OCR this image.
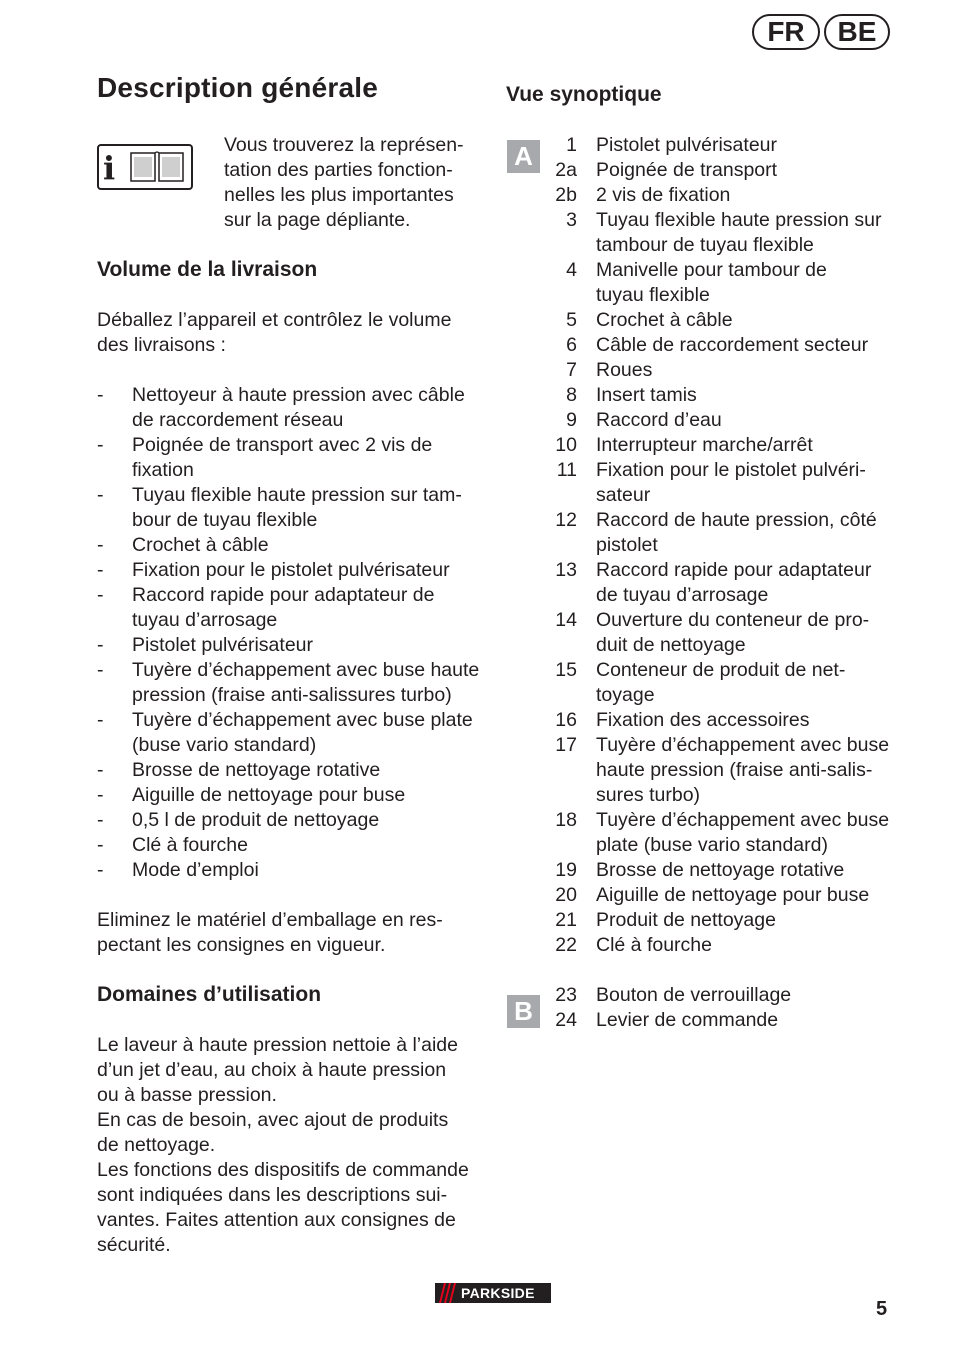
FR	BE
Description générale
i
Vous trouverez la représen-
tation des parties fonction-
nelles les plus importantes
sur la page dépliante.
Volume de la livraison
Déballez l’appareil et contrôlez le volume
des livraisons :
- Nettoyeur à haute pression avec câble
de raccordement réseau
- Poignée de transport avec 2 vis de
fixation
- Tuyau flexible haute pression sur tam-
bour de tuyau flexible
- Crochet à câble
- Fixation pour le pistolet pulvérisateur
- Raccord rapide pour adaptateur de
tuyau d’arrosage
- Pistolet pulvérisateur
- Tuyère d’échappement avec buse haute
pression (fraise anti-salissures turbo)
- Tuyère d’échappement avec buse plate
(buse vario standard)
- Brosse de nettoyage rotative
- Aiguille de nettoyage pour buse
- 0,5 l de produit de nettoyage
- Clé à fourche
- Mode d’emploi
Eliminez le matériel d’emballage en res-
pectant les consignes en vigueur.
Domaines d’utilisation
Le laveur à haute pression nettoie à l’aide
d’un jet d’eau, au choix à haute pression
ou à basse pression.
En cas de besoin, avec ajout de produits
de nettoyage.
Les fonctions des dispositifs de commande
sont indiquées dans les descriptions sui-
vantes. Faites attention aux consignes de
sécurité.
Vue synoptique
A	1 Pistolet pulvérisateur
2a Poignée de transport
2b 2 vis de fixation
3 Tuyau flexible haute pression sur
tambour de tuyau flexible
4 Manivelle pour tambour de
tuyau flexible
5 Crochet à câble
6 Câble de raccordement secteur
7 Roues
8 Insert tamis
9 Raccord d’eau
10 Interrupteur marche/arrêt
11 Fixation pour le pistolet pulvéri-
sateur
12 Raccord de haute pression, côté
pistolet
13 Raccord rapide pour adaptateur
de tuyau d’arrosage
14 Ouverture du conteneur de pro-
duit de nettoyage
15 Conteneur de produit de net-
toyage
16 Fixation des accessoires
17 Tuyère d’échappement avec buse
haute pression (fraise anti-salis-
sures turbo)
18 Tuyère d’échappement avec buse
plate (buse vario standard)
19 Brosse de nettoyage rotative
20 Aiguille de nettoyage pour buse
21 Produit de nettoyage
22 Clé à fourche
B
23 Bouton de verrouillage
24 Levier de commande
PARKSIDE
5
